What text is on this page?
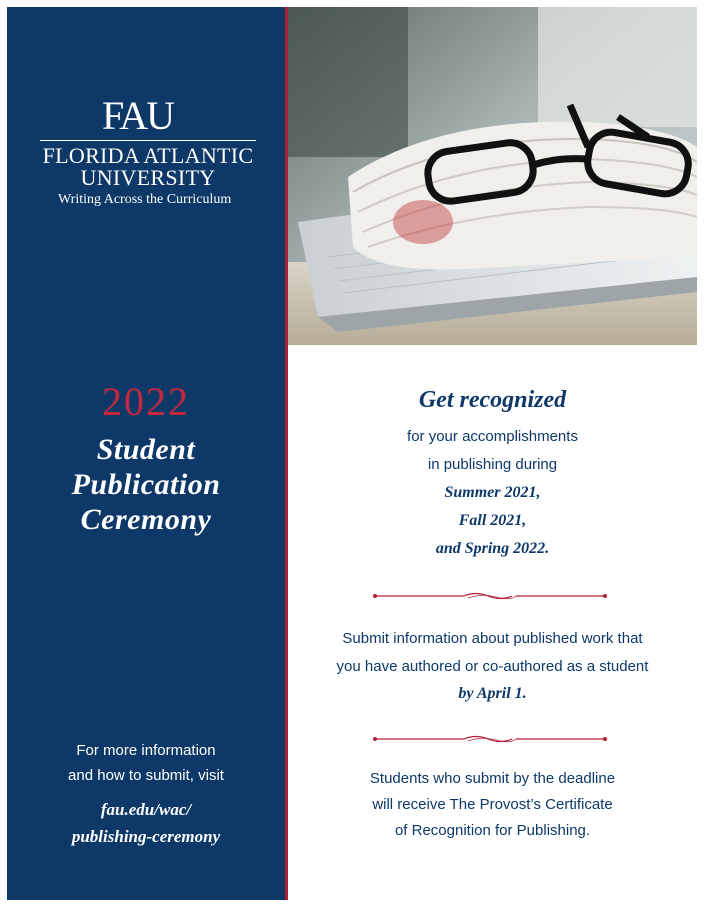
FAU
FLORIDA ATLANTIC
UNIVERSITY
Writing Across the Curriculum
2022
Student
Publication
Ceremony
For more information
and how to submit, visit
fau.edu/wac/
publishing-ceremony
Get recognized
for your accomplishments
in publishing during
Summer 2021,
Fall 2021,
and Spring 2022.
Submit information about published work that
you have authored or co-authored as a student
by April 1.
Students who submit by the deadline
will receive The Provost’s Certificate
of Recognition for Publishing.
